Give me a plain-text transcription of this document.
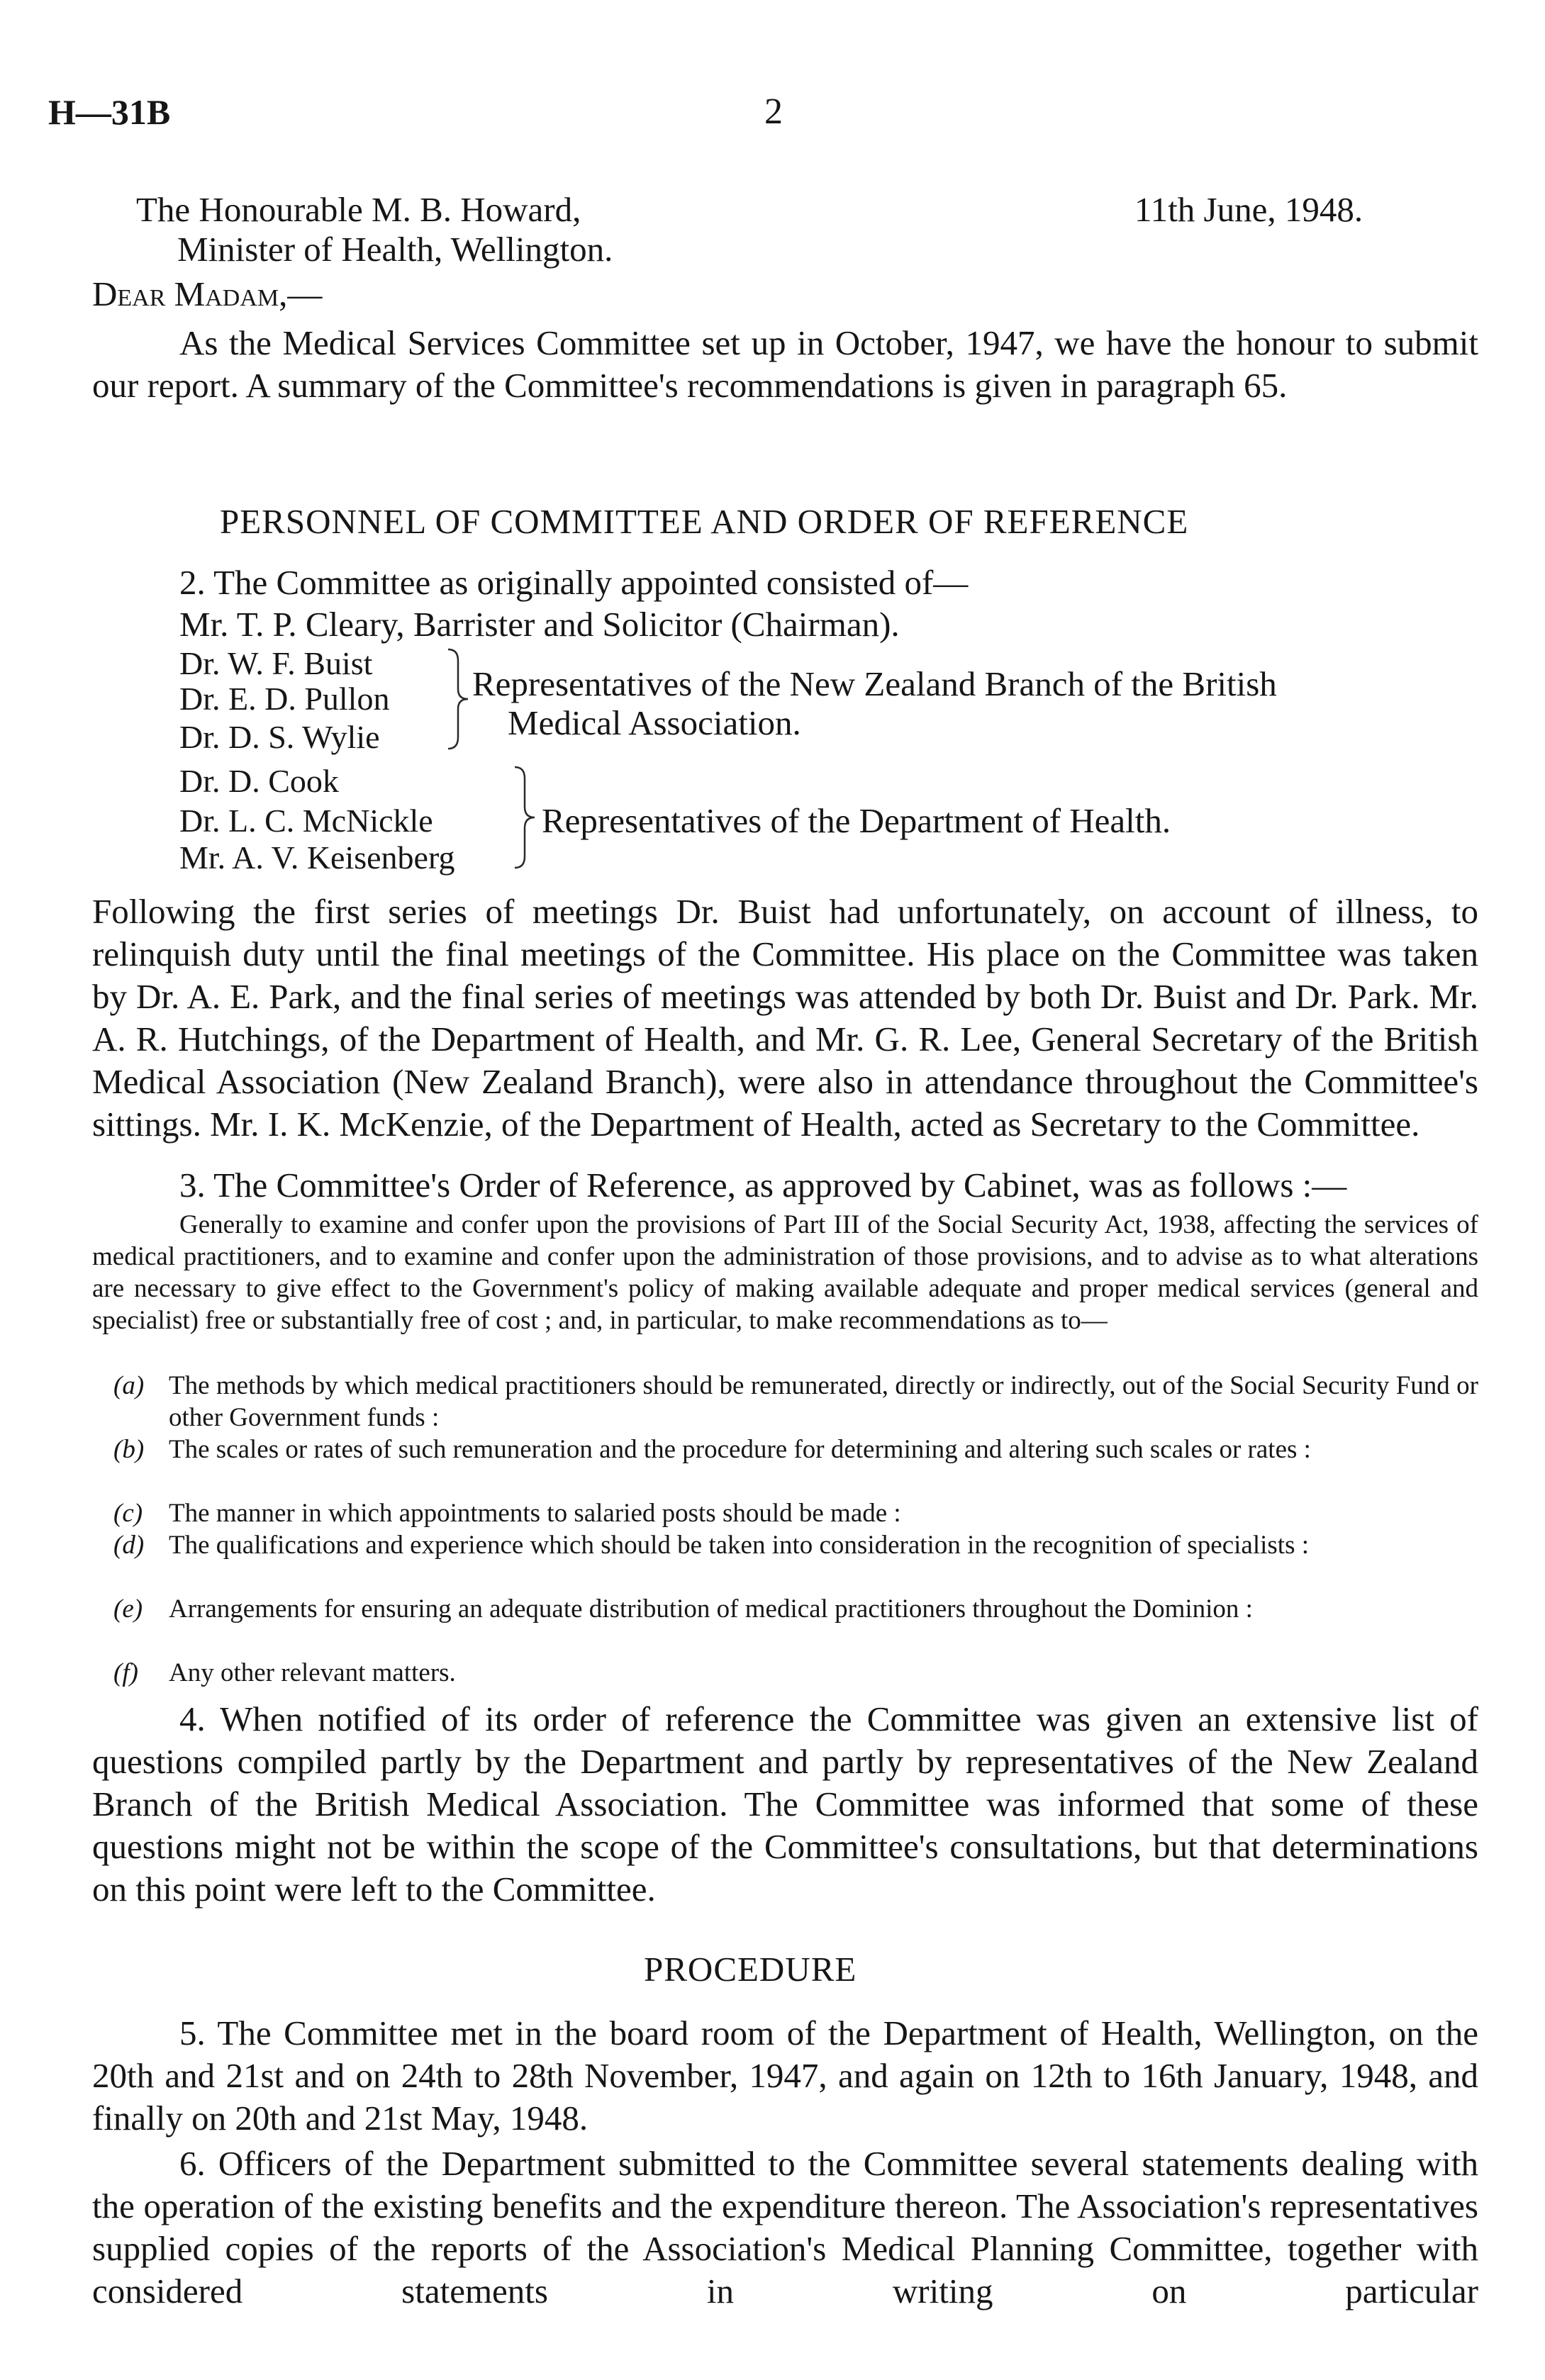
H—31B	2
The Honourable M. B. Howard,	11th June, 1948.
Minister of Health, Wellington.
Dear Madam,—

As the Medical Services Committee set up in October, 1947, we have the honour to submit our report. A summary of the Committee's recommendations is given in paragraph 65.

PERSONNEL OF COMMITTEE AND ORDER OF REFERENCE
2. The Committee as originally appointed consisted of—
Mr. T. P. Cleary, Barrister and Solicitor (Chairman).
Dr. W. F. Buist
Dr. E. D. Pullon
Dr. D. S. Wylie
Representatives of the New Zealand Branch of the British
Medical Association.
Dr. D. Cook
Dr. L. C. McNickle
Mr. A. V. Keisenberg
Representatives of the Department of Health.

Following the first series of meetings Dr. Buist had unfortunately, on account of illness, to relinquish duty until the final meetings of the Committee. His place on the Committee was taken by Dr. A. E. Park, and the final series of meetings was attended by both Dr. Buist and Dr. Park. Mr. A. R. Hutchings, of the Department of Health, and Mr. G. R. Lee, General Secretary of the British Medical Association (New Zealand Branch), were also in attendance throughout the Committee's sittings. Mr. I. K. McKenzie, of the Department of Health, acted as Secretary to the Committee.

3. The Committee's Order of Reference, as approved by Cabinet, was as follows :—
Generally to examine and confer upon the provisions of Part III of the Social Security Act, 1938, affecting the services of medical practitioners, and to examine and confer upon the administration of those provisions, and to advise as to what alterations are necessary to give effect to the Government's policy of making available adequate and proper medical services (general and specialist) free or substantially free of cost ; and, in particular, to make recommendations as to—
(a) The methods by which medical practitioners should be remunerated, directly or indirectly, out of the Social Security Fund or other Government funds :
(b) The scales or rates of such remuneration and the procedure for determining and altering such scales or rates :
(c) The manner in which appointments to salaried posts should be made :
(d) The qualifications and experience which should be taken into consideration in the recognition of specialists :
(e) Arrangements for ensuring an adequate distribution of medical practitioners throughout the Dominion :
(f) Any other relevant matters.

4. When notified of its order of reference the Committee was given an extensive list of questions compiled partly by the Department and partly by representatives of the New Zealand Branch of the British Medical Association. The Committee was informed that some of these questions might not be within the scope of the Committee's consultations, but that determinations on this point were left to the Committee.

PROCEDURE

5. The Committee met in the board room of the Department of Health, Wellington, on the 20th and 21st and on 24th to 28th November, 1947, and again on 12th to 16th January, 1948, and finally on 20th and 21st May, 1948.

6. Officers of the Department submitted to the Committee several statements dealing with the operation of the existing benefits and the expenditure thereon. The Association's representatives supplied copies of the reports of the Association's Medical Planning Committee, together with considered statements in writing on particular
